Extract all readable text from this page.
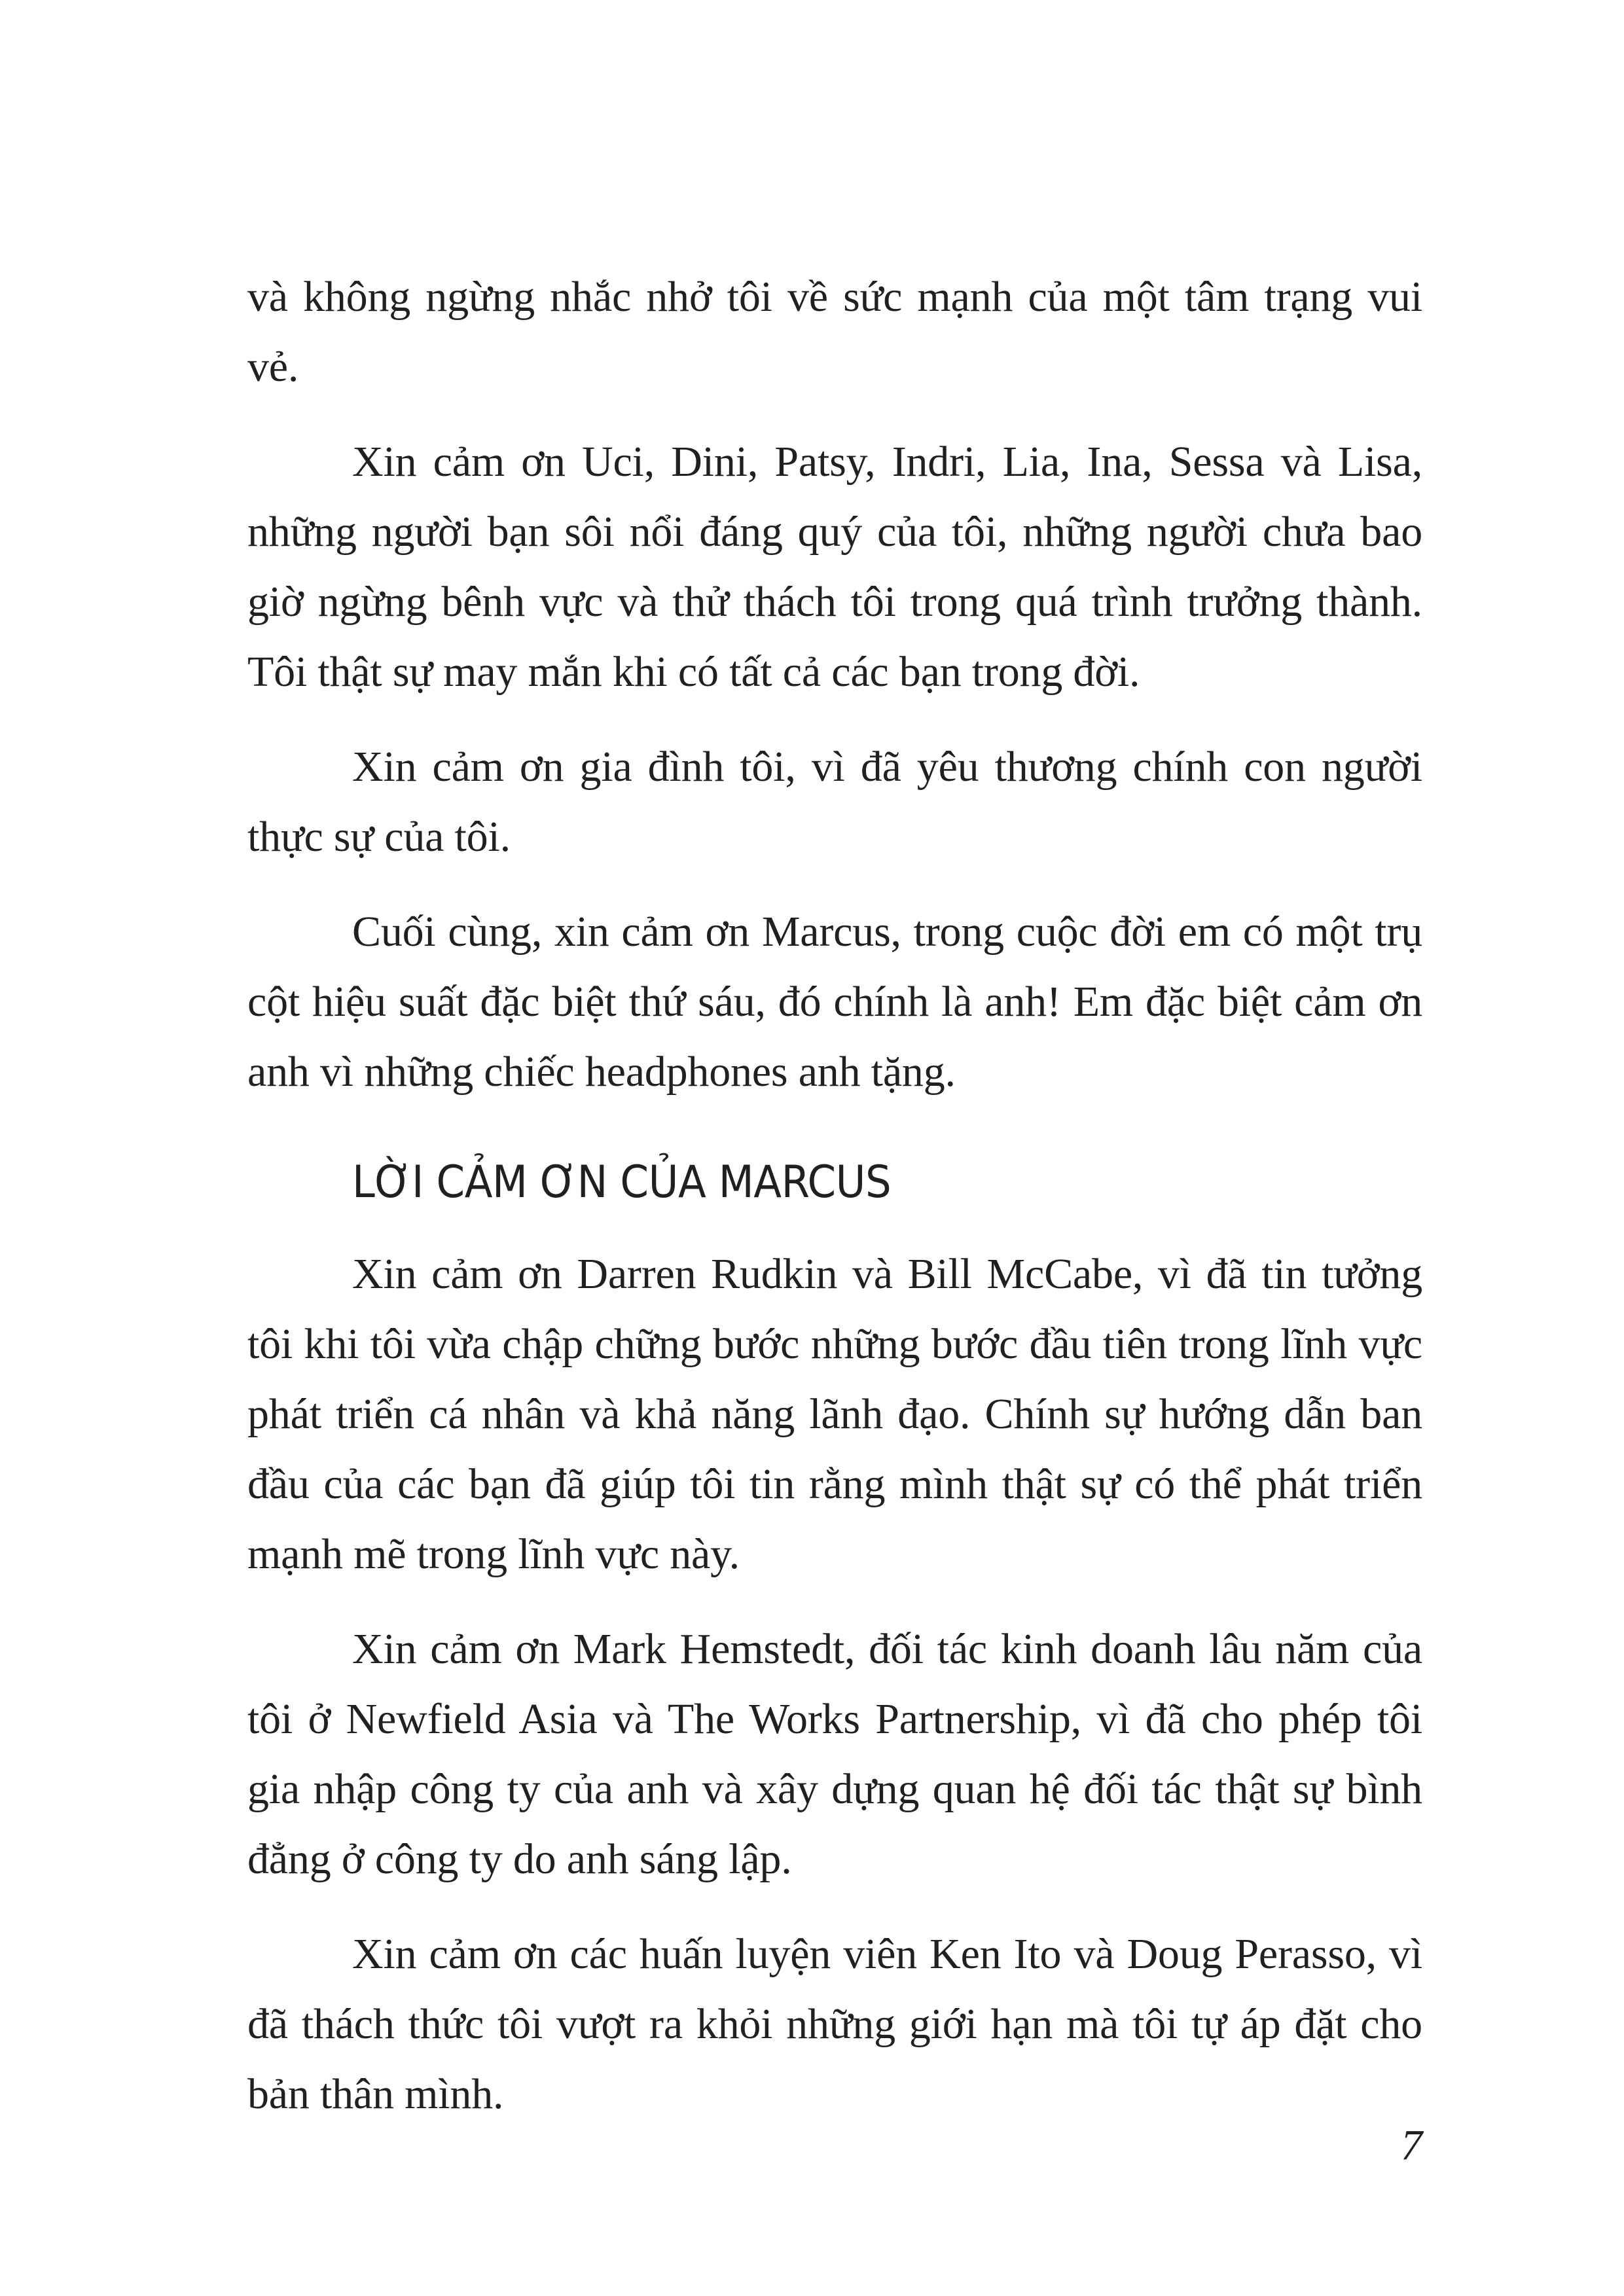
và không ngừng nhắc nhở tôi về sức mạnh của một tâm trạng vui vẻ.

Xin cảm ơn Uci, Dini, Patsy, Indri, Lia, Ina, Sessa và Lisa, những người bạn sôi nổi đáng quý của tôi, những người chưa bao giờ ngừng bênh vực và thử thách tôi trong quá trình trưởng thành. Tôi thật sự may mắn khi có tất cả các bạn trong đời.

Xin cảm ơn gia đình tôi, vì đã yêu thương chính con người thực sự của tôi.

Cuối cùng, xin cảm ơn Marcus, trong cuộc đời em có một trụ cột hiệu suất đặc biệt thứ sáu, đó chính là anh! Em đặc biệt cảm ơn anh vì những chiếc headphones anh tặng.

LỜI CẢM ƠN CỦA MARCUS

Xin cảm ơn Darren Rudkin và Bill McCabe, vì đã tin tưởng tôi khi tôi vừa chập chững bước những bước đầu tiên trong lĩnh vực phát triển cá nhân và khả năng lãnh đạo. Chính sự hướng dẫn ban đầu của các bạn đã giúp tôi tin rằng mình thật sự có thể phát triển mạnh mẽ trong lĩnh vực này.

Xin cảm ơn Mark Hemstedt, đối tác kinh doanh lâu năm của tôi ở Newfield Asia và The Works Partnership, vì đã cho phép tôi gia nhập công ty của anh và xây dựng quan hệ đối tác thật sự bình đẳng ở công ty do anh sáng lập.

Xin cảm ơn các huấn luyện viên Ken Ito và Doug Perasso, vì đã thách thức tôi vượt ra khỏi những giới hạn mà tôi tự áp đặt cho bản thân mình.

7
